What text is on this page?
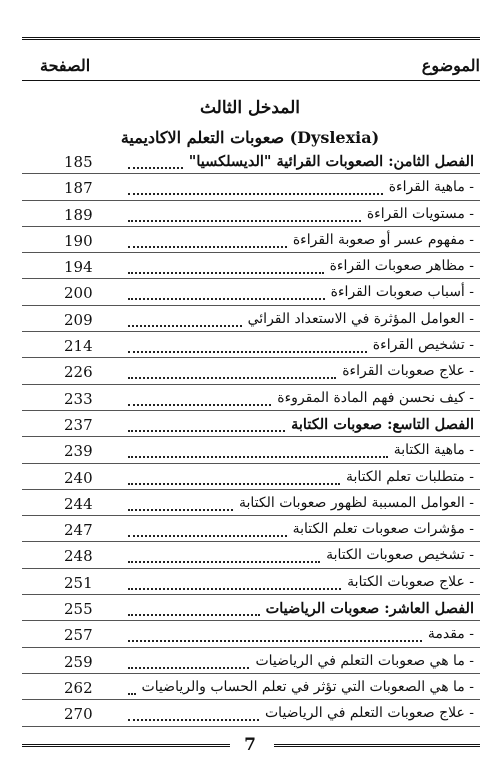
الموضوع
الصفحة
المدخل الثالث
صعوبات التعلم الاكاديمية (Dyslexia)
185	الفصل الثامن: الصعوبات القرائية "الديسلكسيا"
187	- ماهية القراءة
189	- مستويات القراءة
190	- مفهوم عسر أو صعوبة القراءة
194	- مظاهر صعوبات القراءة
200	- أسباب صعوبات القراءة
209	- العوامل المؤثرة في الاستعداد القرائي
214	- تشخيص القراءة
226	- علاج صعوبات القراءة
233	- كيف نحسن فهم المادة المقروءة
237	الفصل التاسع: صعوبات الكتابة
239	- ماهية الكتابة
240	- متطلبات تعلم الكتابة
244	- العوامل المسببة لظهور صعوبات الكتابة
247	- مؤشرات صعوبات تعلم الكتابة
248	- تشخيص صعوبات الكتابة
251	- علاج صعوبات الكتابة
255	الفصل العاشر: صعوبات الرياضيات
257	- مقدمة
259	- ما هي صعوبات التعلم في الرياضيات
262	- ما هي الصعوبات التي تؤثر في تعلم الحساب والرياضيات
270	- علاج صعوبات التعلم في الرياضيات
7
